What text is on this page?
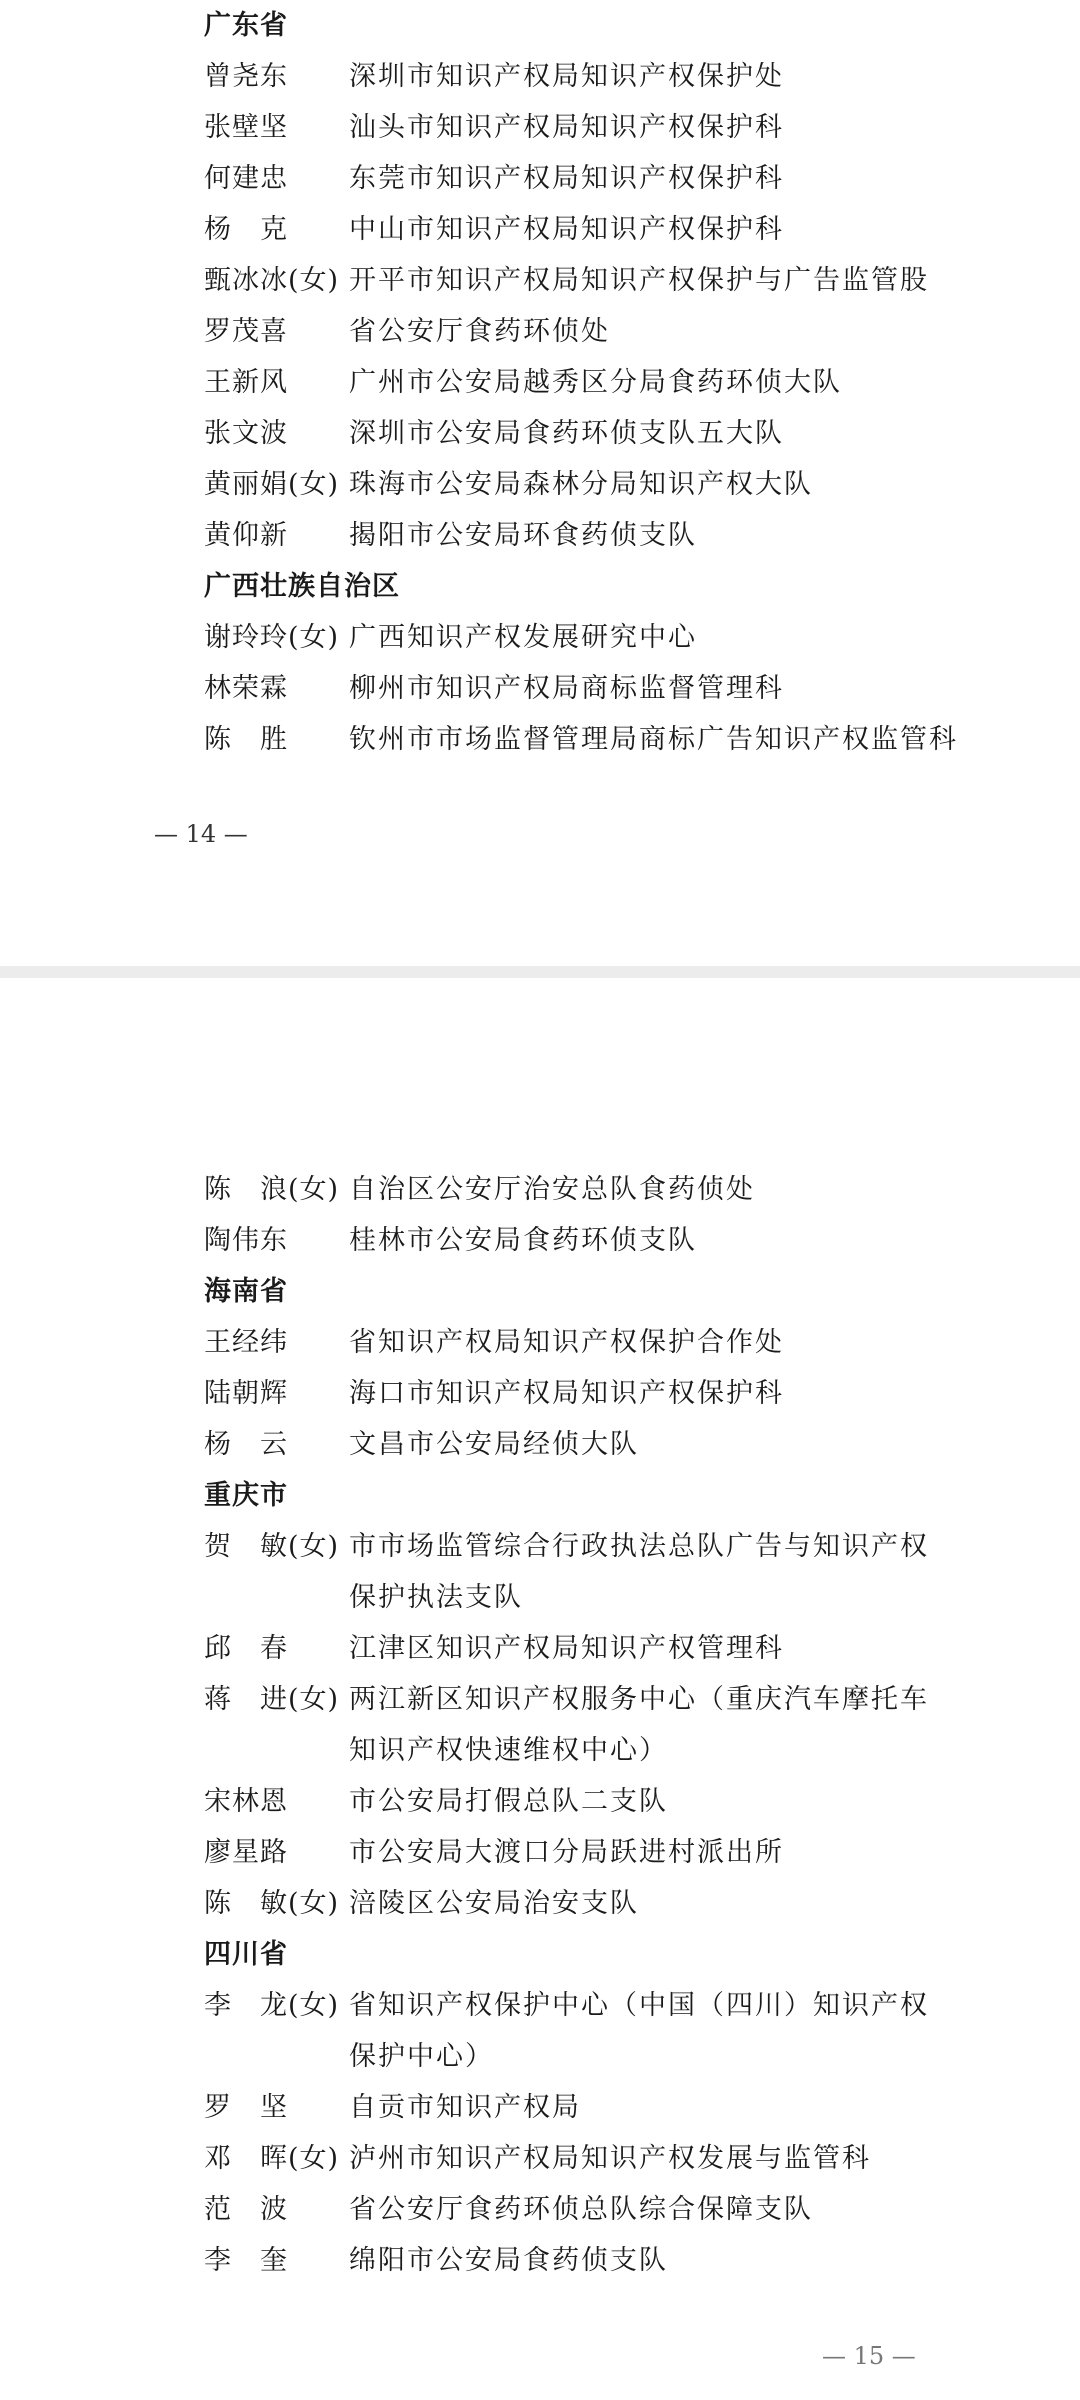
广东省
曾尧东 深圳市知识产权局知识产权保护处
张壁坚 汕头市知识产权局知识产权保护科
何建忠 东莞市知识产权局知识产权保护科
杨　克 中山市知识产权局知识产权保护科
甄冰冰(女) 开平市知识产权局知识产权保护与广告监管股
罗茂喜 省公安厅食药环侦处
王新风 广州市公安局越秀区分局食药环侦大队
张文波 深圳市公安局食药环侦支队五大队
黄丽娟(女) 珠海市公安局森林分局知识产权大队
黄仰新 揭阳市公安局环食药侦支队
广西壮族自治区
谢玲玲(女) 广西知识产权发展研究中心
林荣霖 柳州市知识产权局商标监督管理科
陈　胜 钦州市市场监督管理局商标广告知识产权监管科
— 14 —
陈　浪(女) 自治区公安厅治安总队食药侦处
陶伟东 桂林市公安局食药环侦支队
海南省
王经纬 省知识产权局知识产权保护合作处
陆朝辉 海口市知识产权局知识产权保护科
杨　云 文昌市公安局经侦大队
重庆市
贺　敏(女) 市市场监管综合行政执法总队广告与知识产权
保护执法支队
邱　春 江津区知识产权局知识产权管理科
蒋　进(女) 两江新区知识产权服务中心（重庆汽车摩托车
知识产权快速维权中心）
宋林恩 市公安局打假总队二支队
廖星路 市公安局大渡口分局跃进村派出所
陈　敏(女) 涪陵区公安局治安支队
四川省
李　龙(女) 省知识产权保护中心（中国（四川）知识产权
保护中心）
罗　坚 自贡市知识产权局
邓　晖(女) 泸州市知识产权局知识产权发展与监管科
范　波 省公安厅食药环侦总队综合保障支队
李　奎 绵阳市公安局食药侦支队
— 15 —
